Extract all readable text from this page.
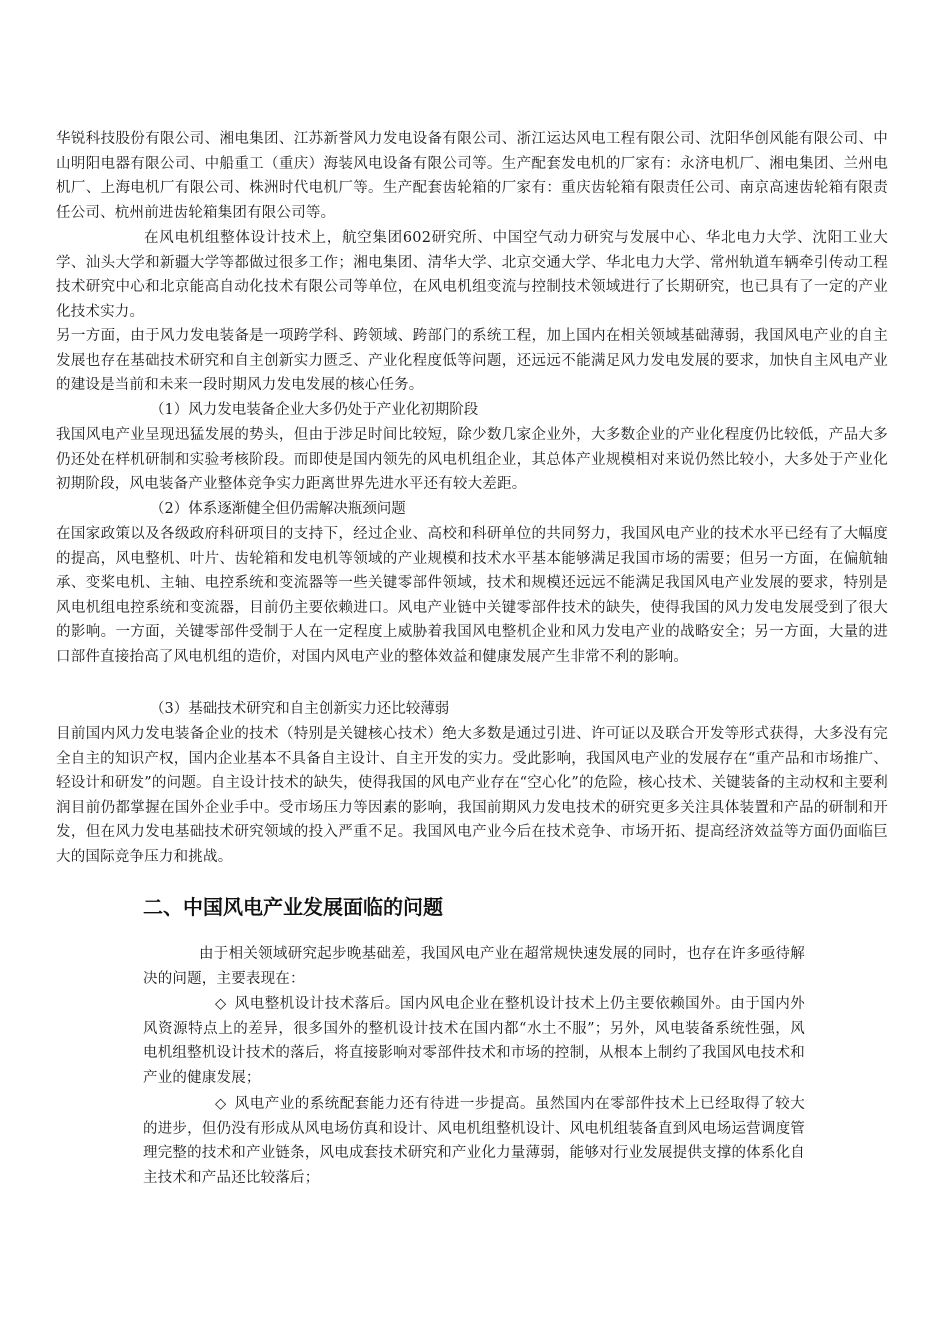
华锐科技股份有限公司、湘电集团、江苏新誉风力发电设备有限公司、浙江运达风电工程有限公司、沈阳华创风能有限公司、中山明阳电器有限公司、中船重工（重庆）海装风电设备有限公司等。生产配套发电机的厂家有：永济电机厂、湘电集团、兰州电机厂、上海电机厂有限公司、株洲时代电机厂等。生产配套齿轮箱的厂家有：重庆齿轮箱有限责任公司、南京高速齿轮箱有限责任公司、杭州前进齿轮箱集团有限公司等。
在风电机组整体设计技术上，航空集团602研究所、中国空气动力研究与发展中心、华北电力大学、沈阳工业大学、汕头大学和新疆大学等都做过很多工作；湘电集团、清华大学、北京交通大学、华北电力大学、常州轨道车辆牵引传动工程技术研究中心和北京能高自动化技术有限公司等单位，在风电机组变流与控制技术领域进行了长期研究，也已具有了一定的产业化技术实力。
另一方面，由于风力发电装备是一项跨学科、跨领域、跨部门的系统工程，加上国内在相关领域基础薄弱，我国风电产业的自主发展也存在基础技术研究和自主创新实力匮乏、产业化程度低等问题，还远远不能满足风力发电发展的要求，加快自主风电产业的建设是当前和未来一段时期风力发电发展的核心任务。
（1）风力发电装备企业大多仍处于产业化初期阶段
我国风电产业呈现迅猛发展的势头，但由于涉足时间比较短，除少数几家企业外，大多数企业的产业化程度仍比较低，产品大多仍还处在样机研制和实验考核阶段。而即使是国内领先的风电机组企业，其总体产业规模相对来说仍然比较小，大多处于产业化初期阶段，风电装备产业整体竞争实力距离世界先进水平还有较大差距。
（2）体系逐渐健全但仍需解决瓶颈问题
在国家政策以及各级政府科研项目的支持下，经过企业、高校和科研单位的共同努力，我国风电产业的技术水平已经有了大幅度的提高，风电整机、叶片、齿轮箱和发电机等领域的产业规模和技术水平基本能够满足我国市场的需要；但另一方面，在偏航轴承、变桨电机、主轴、电控系统和变流器等一些关键零部件领域，技术和规模还远远不能满足我国风电产业发展的要求，特别是风电机组电控系统和变流器，目前仍主要依赖进口。风电产业链中关键零部件技术的缺失，使得我国的风力发电发展受到了很大的影响。一方面，关键零部件受制于人在一定程度上威胁着我国风电整机企业和风力发电产业的战略安全；另一方面，大量的进口部件直接抬高了风电机组的造价，对国内风电产业的整体效益和健康发展产生非常不利的影响。
（3）基础技术研究和自主创新实力还比较薄弱
目前国内风力发电装备企业的技术（特别是关键核心技术）绝大多数是通过引进、许可证以及联合开发等形式获得，大多没有完全自主的知识产权，国内企业基本不具备自主设计、自主开发的实力。受此影响，我国风电产业的发展存在“重产品和市场推广、轻设计和研发”的问题。自主设计技术的缺失，使得我国的风电产业存在“空心化”的危险，核心技术、关键装备的主动权和主要利润目前仍都掌握在国外企业手中。受市场压力等因素的影响，我国前期风力发电技术的研究更多关注具体装置和产品的研制和开发，但在风力发电基础技术研究领域的投入严重不足。我国风电产业今后在技术竞争、市场开拓、提高经济效益等方面仍面临巨大的国际竞争压力和挑战。
二、中国风电产业发展面临的问题
由于相关领域研究起步晚基础差，我国风电产业在超常规快速发展的同时，也存在许多亟待解决的问题，主要表现在：
◇ 风电整机设计技术落后。国内风电企业在整机设计技术上仍主要依赖国外。由于国内外风资源特点上的差异，很多国外的整机设计技术在国内都“水土不服”；另外，风电装备系统性强，风电机组整机设计技术的落后，将直接影响对零部件技术和市场的控制，从根本上制约了我国风电技术和产业的健康发展；
◇ 风电产业的系统配套能力还有待进一步提高。虽然国内在零部件技术上已经取得了较大的进步，但仍没有形成从风电场仿真和设计、风电机组整机设计、风电机组装备直到风电场运营调度管理完整的技术和产业链条，风电成套技术研究和产业化力量薄弱，能够对行业发展提供支撑的体系化自主技术和产品还比较落后；
